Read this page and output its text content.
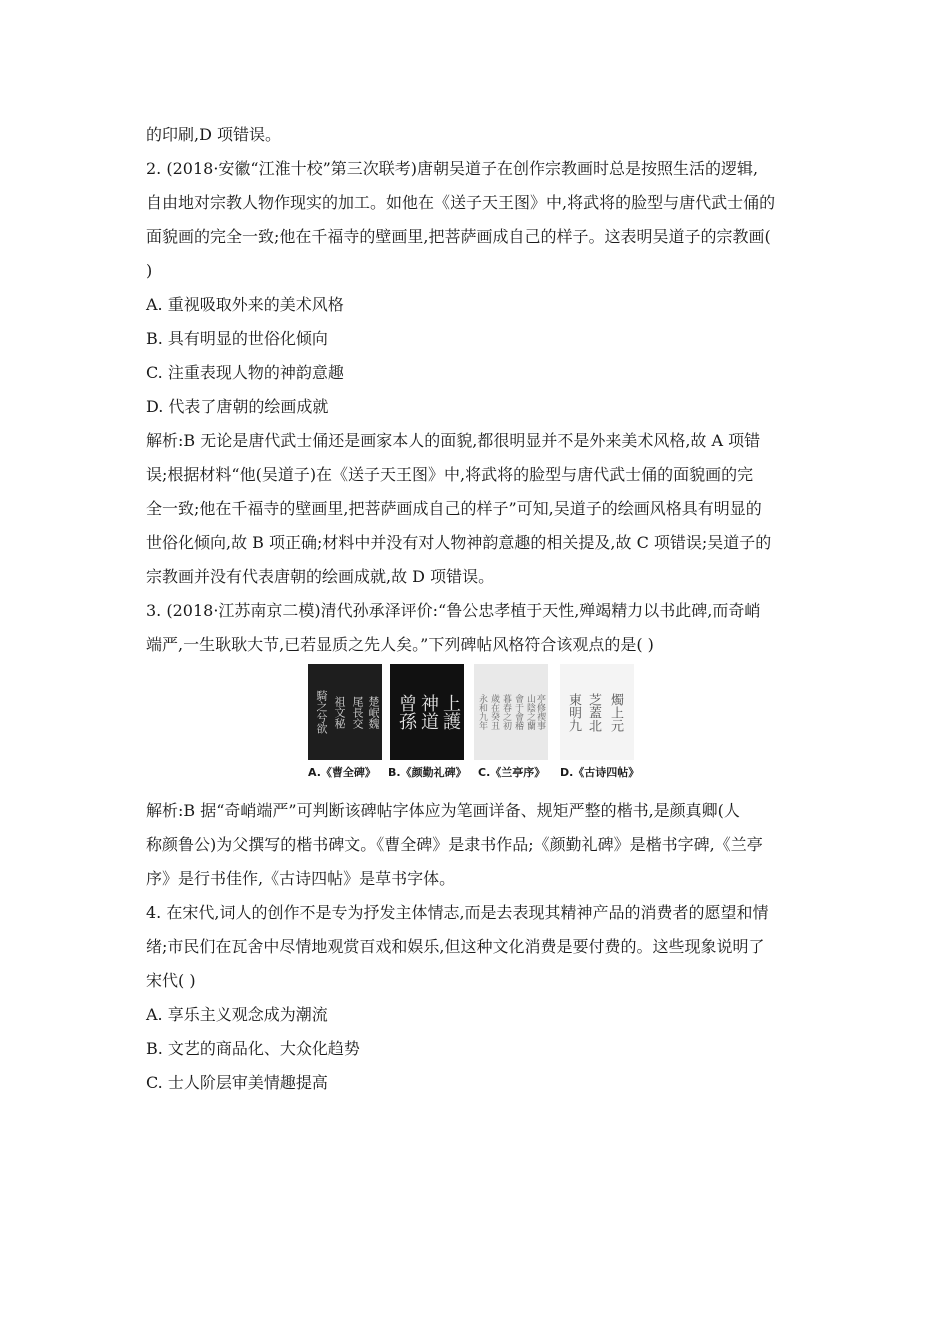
的印刷,D 项错误。
2. (2018·安徽“江淮十校”第三次联考)唐朝吴道子在创作宗教画时总是按照生活的逻辑,
自由地对宗教人物作现实的加工。如他在《送子天王图》中,将武将的脸型与唐代武士俑的
面貌画的完全一致;他在千福寺的壁画里,把菩萨画成自己的样子。这表明吴道子的宗教画(
)
A. 重视吸取外来的美术风格
B. 具有明显的世俗化倾向
C. 注重表现人物的神韵意趣
D. 代表了唐朝的绘画成就
解析:B 无论是唐代武士俑还是画家本人的面貌,都很明显并不是外来美术风格,故 A 项错
误;根据材料“他(吴道子)在《送子天王图》中,将武将的脸型与唐代武士俑的面貌画的完
全一致;他在千福寺的壁画里,把菩萨画成自己的样子”可知,吴道子的绘画风格具有明显的
世俗化倾向,故 B 项正确;材料中并没有对人物神韵意趣的相关提及,故 C 项错误;吴道子的
宗教画并没有代表唐朝的绘画成就,故 D 项错误。
3. (2018·江苏南京二模)清代孙承泽评价:“鲁公忠孝植于天性,殚竭精力以书此碑,而奇峭
端严,一生耿耿大节,已若显质之先人矣。”下列碑帖风格符合该观点的是( )
騎之兮欲 祖文秘 尾長交 楚岷魏 曾孫 神道 上護 永和九年 歲在癸丑 暮春之初 會于會稽 山陰之蘭 亭修禊事 東明九 芝蓋北 燭上元
A.《曹全碑》 B.《颜勤礼碑》 C.《兰亭序》 D.《古诗四帖》
解析:B 据“奇峭端严”可判断该碑帖字体应为笔画详备、规矩严整的楷书,是颜真卿(人
称颜鲁公)为父撰写的楷书碑文。《曹全碑》是隶书作品;《颜勤礼碑》是楷书字碑,《兰亭
序》是行书佳作,《古诗四帖》是草书字体。
4. 在宋代,词人的创作不是专为抒发主体情志,而是去表现其精神产品的消费者的愿望和情
绪;市民们在瓦舍中尽情地观赏百戏和娱乐,但这种文化消费是要付费的。这些现象说明了
宋代( )
A. 享乐主义观念成为潮流
B. 文艺的商品化、大众化趋势
C. 士人阶层审美情趣提高
